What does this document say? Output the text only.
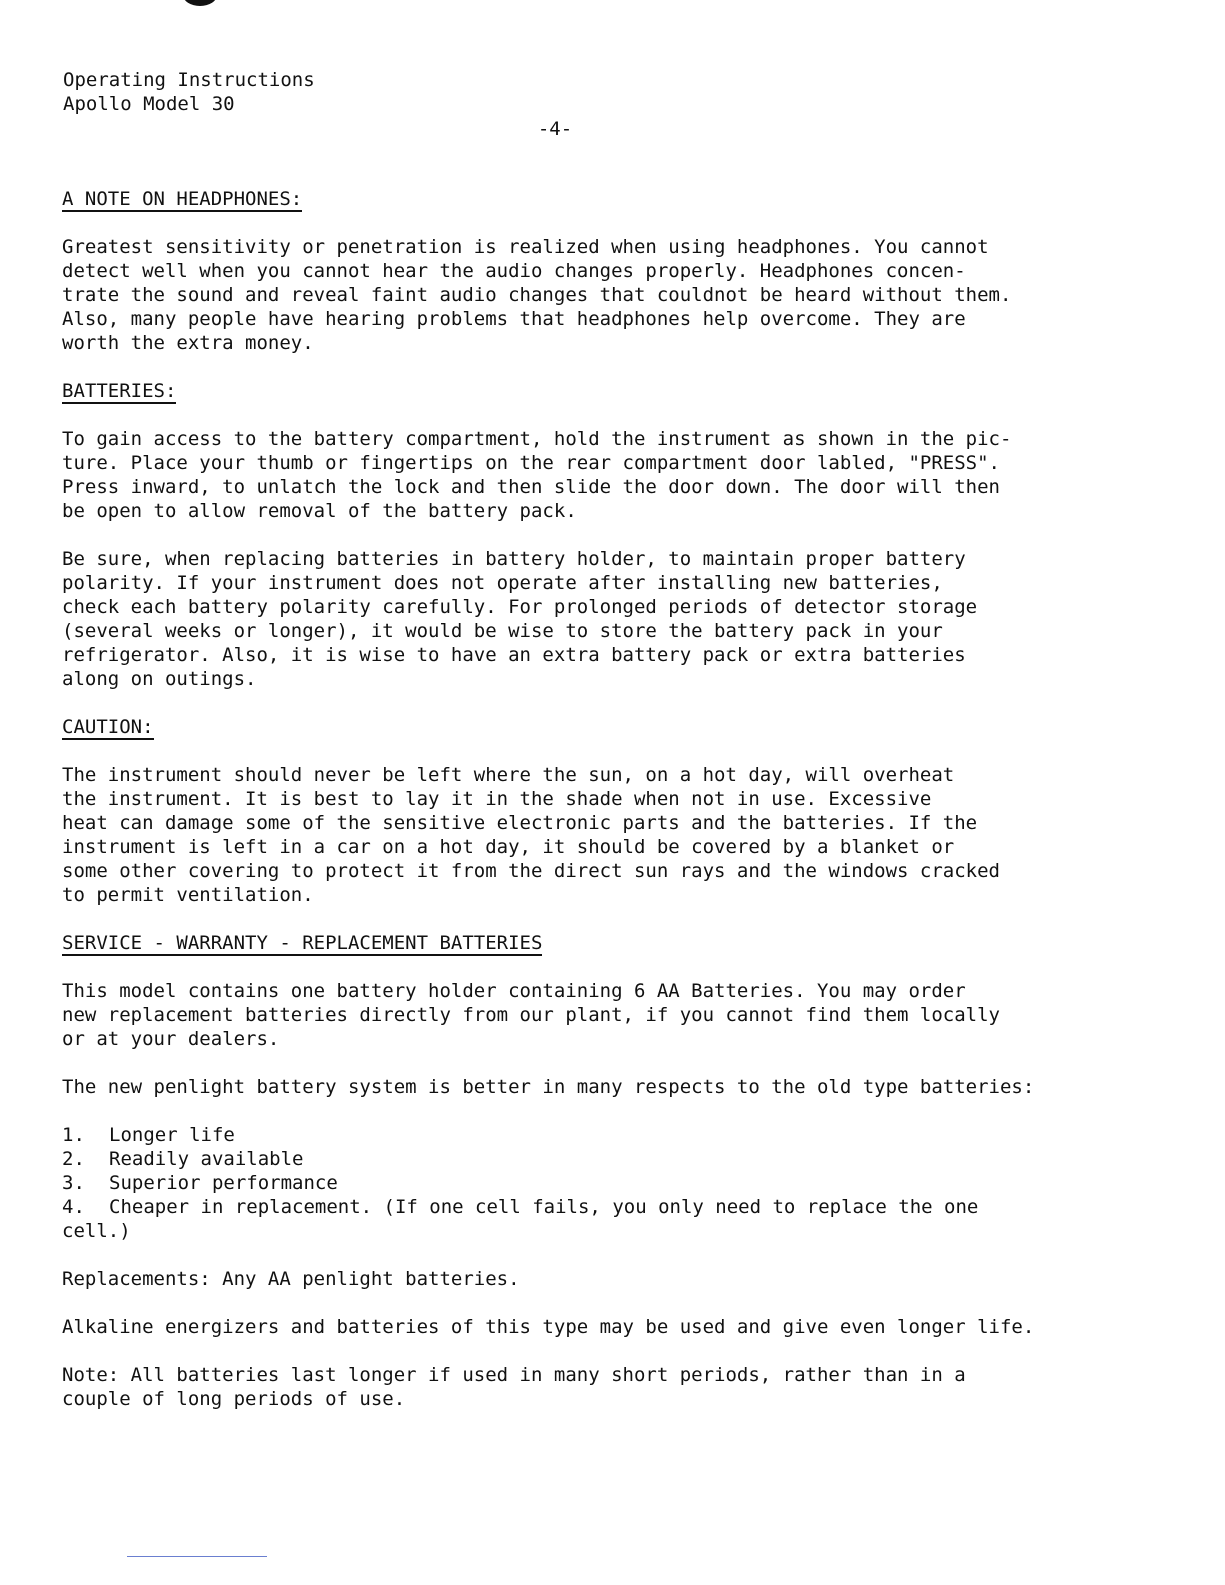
Operating Instructions
Apollo Model 30
-4-
A NOTE ON HEADPHONES:

Greatest sensitivity or penetration is realized when using headphones. You cannot
detect well when you cannot hear the audio changes properly. Headphones concen-
trate the sound and reveal faint audio changes that couldnot be heard without them.
Also, many people have hearing problems that headphones help overcome. They are
worth the extra money.

BATTERIES:

To gain access to the battery compartment, hold the instrument as shown in the pic-
ture. Place your thumb or fingertips on the rear compartment door labled, "PRESS".
Press inward, to unlatch the lock and then slide the door down. The door will then
be open to allow removal of the battery pack.

Be sure, when replacing batteries in battery holder, to maintain proper battery
polarity. If your instrument does not operate after installing new batteries,
check each battery polarity carefully. For prolonged periods of detector storage
(several weeks or longer), it would be wise to store the battery pack in your
refrigerator. Also, it is wise to have an extra battery pack or extra batteries
along on outings.

CAUTION:

The instrument should never be left where the sun, on a hot day, will overheat
the instrument. It is best to lay it in the shade when not in use. Excessive
heat can damage some of the sensitive electronic parts and the batteries. If the
instrument is left in a car on a hot day, it should be covered by a blanket or
some other covering to protect it from the direct sun rays and the windows cracked
to permit ventilation.

SERVICE - WARRANTY - REPLACEMENT BATTERIES

This model contains one battery holder containing 6 AA Batteries. You may order
new replacement batteries directly from our plant, if you cannot find them locally
or at your dealers.

The new penlight battery system is better in many respects to the old type batteries:

1.	Longer life
2.	Readily available
3.	Superior performance
4.	Cheaper in replacement. (If one cell fails, you only need to replace the one
cell.)

Replacements: Any AA penlight batteries.

Alkaline energizers and batteries of this type may be used and give even longer life.

Note: All batteries last longer if used in many short periods, rather than in a
couple of long periods of use.
